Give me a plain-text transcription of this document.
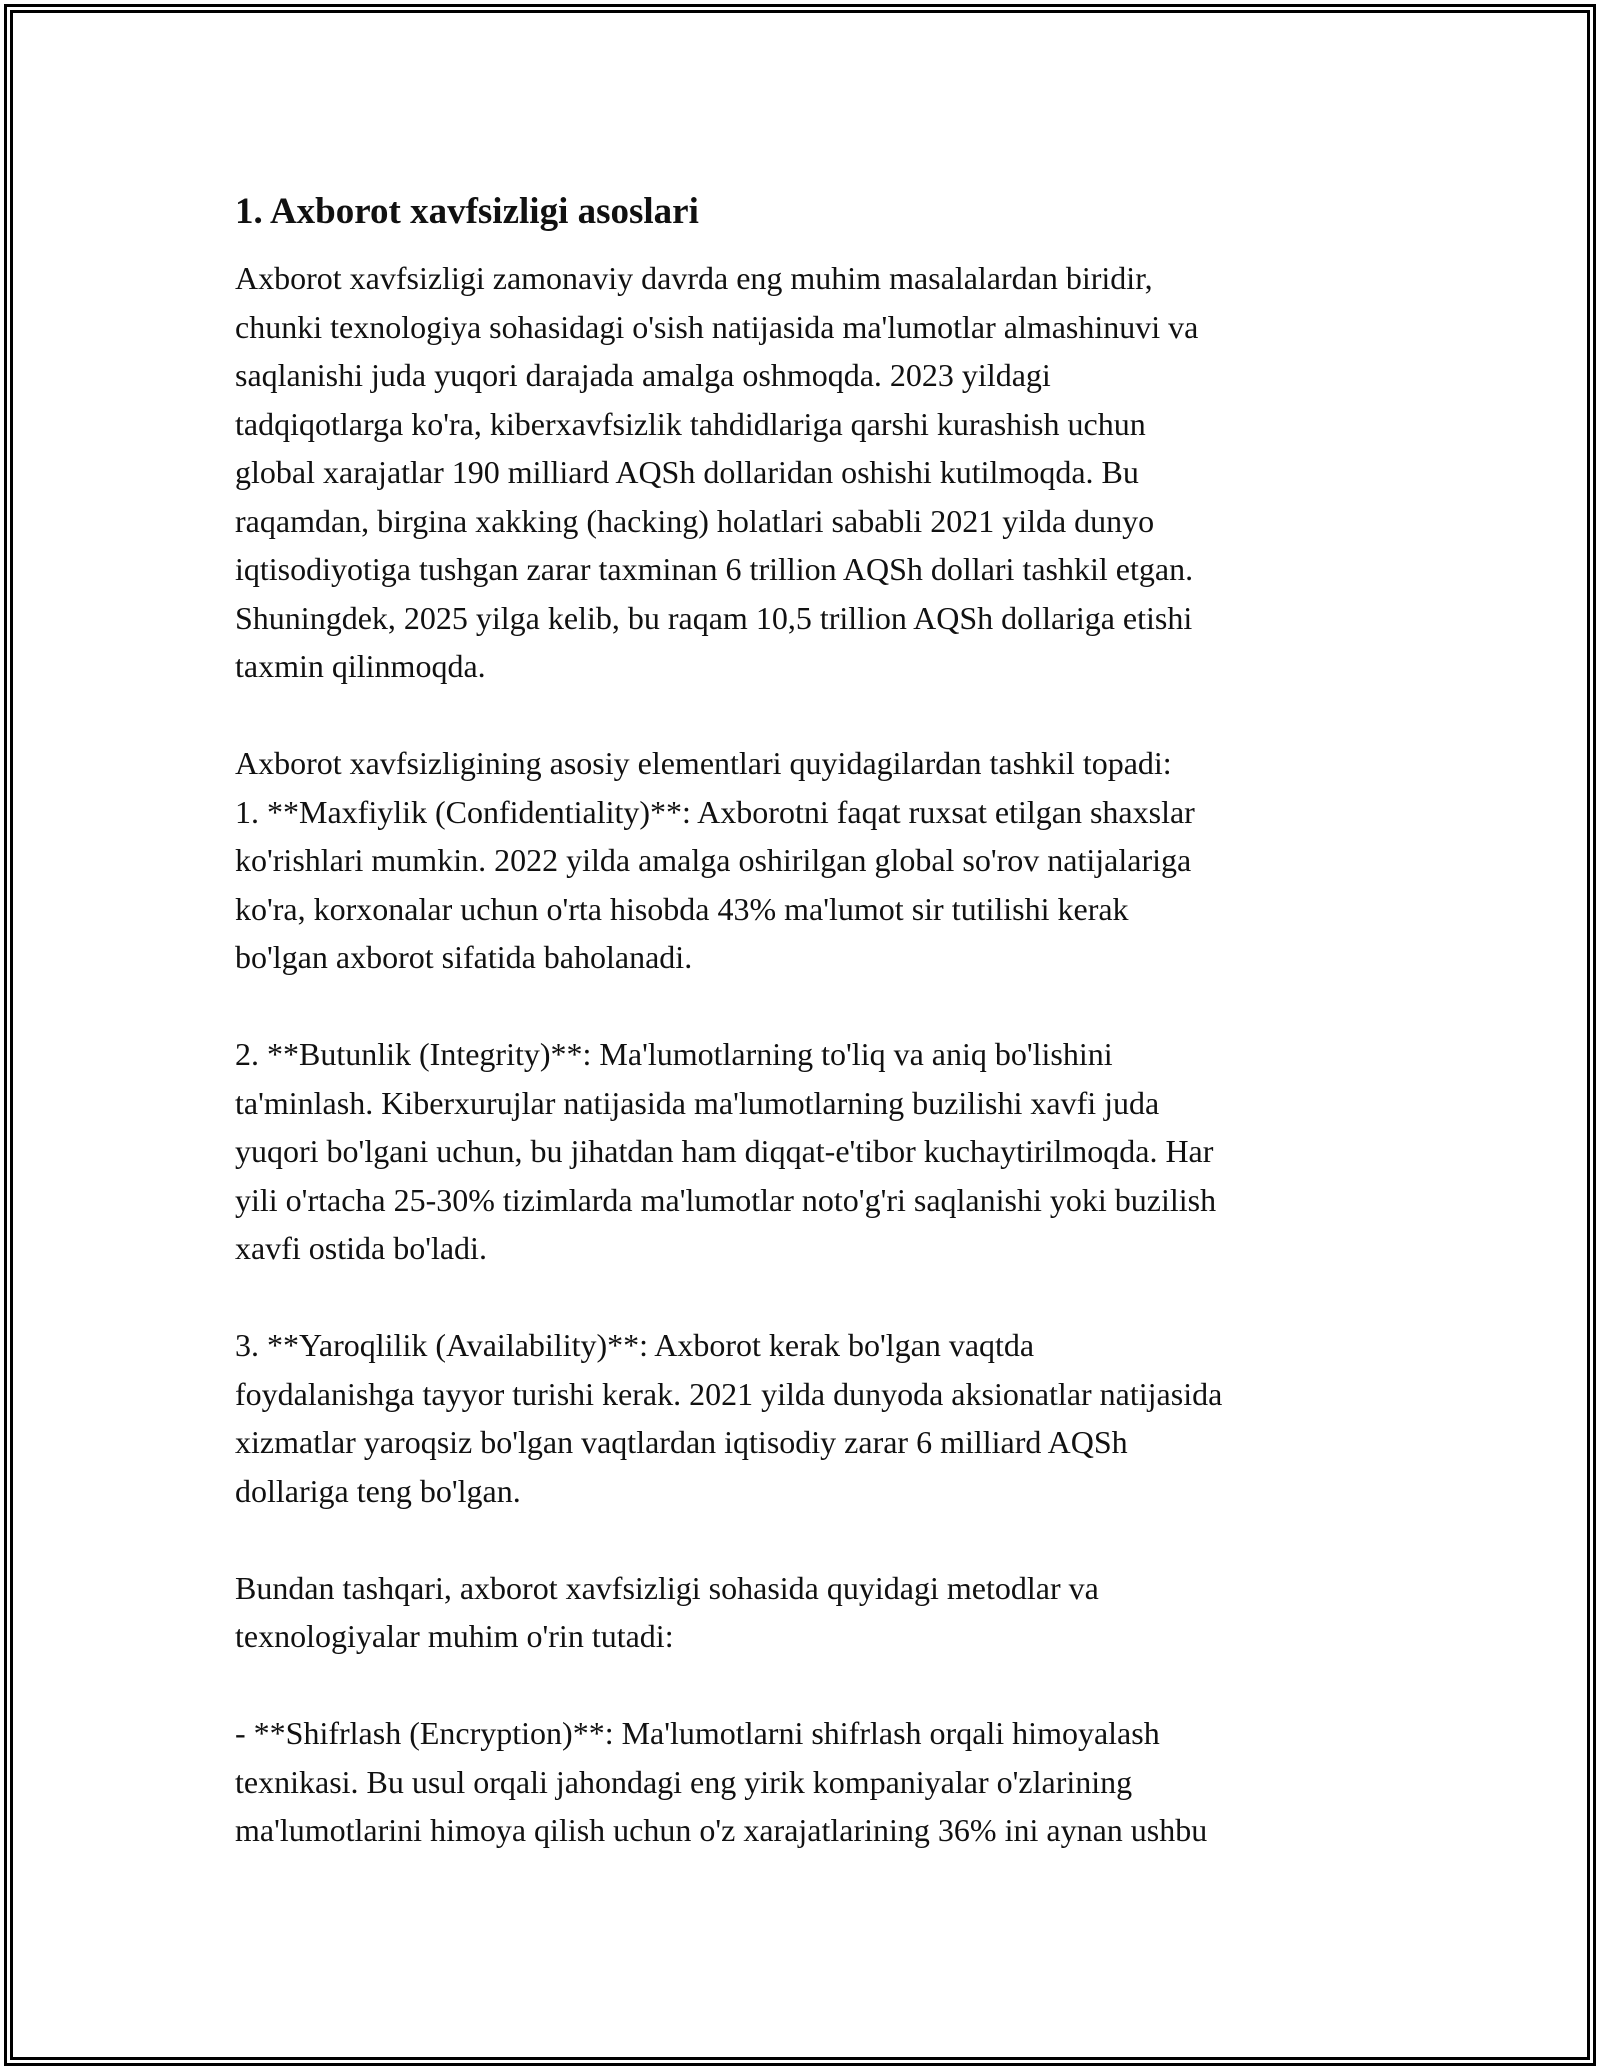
1. Axborot xavfsizligi asoslari

Axborot xavfsizligi zamonaviy davrda eng muhim masalalardan biridir,
chunki texnologiya sohasidagi o'sish natijasida ma'lumotlar almashinuvi va
saqlanishi juda yuqori darajada amalga oshmoqda. 2023 yildagi
tadqiqotlarga ko'ra, kiberxavfsizlik tahdidlariga qarshi kurashish uchun
global xarajatlar 190 milliard AQSh dollaridan oshishi kutilmoqda. Bu
raqamdan, birgina xakking (hacking) holatlari sababli 2021 yilda dunyo
iqtisodiyotiga tushgan zarar taxminan 6 trillion AQSh dollari tashkil etgan.
Shuningdek, 2025 yilga kelib, bu raqam 10,5 trillion AQSh dollariga etishi
taxmin qilinmoqda.

Axborot xavfsizligining asosiy elementlari quyidagilardan tashkil topadi:
1. **Maxfiylik (Confidentiality)**: Axborotni faqat ruxsat etilgan shaxslar
ko'rishlari mumkin. 2022 yilda amalga oshirilgan global so'rov natijalariga
ko'ra, korxonalar uchun o'rta hisobda 43% ma'lumot sir tutilishi kerak
bo'lgan axborot sifatida baholanadi.

2. **Butunlik (Integrity)**: Ma'lumotlarning to'liq va aniq bo'lishini
ta'minlash. Kiberxurujlar natijasida ma'lumotlarning buzilishi xavfi juda
yuqori bo'lgani uchun, bu jihatdan ham diqqat-e'tibor kuchaytirilmoqda. Har
yili o'rtacha 25-30% tizimlarda ma'lumotlar noto'g'ri saqlanishi yoki buzilish
xavfi ostida bo'ladi.

3. **Yaroqlilik (Availability)**: Axborot kerak bo'lgan vaqtda
foydalanishga tayyor turishi kerak. 2021 yilda dunyoda aksionatlar natijasida
xizmatlar yaroqsiz bo'lgan vaqtlardan iqtisodiy zarar 6 milliard AQSh
dollariga teng bo'lgan.

Bundan tashqari, axborot xavfsizligi sohasida quyidagi metodlar va
texnologiyalar muhim o'rin tutadi:

- **Shifrlash (Encryption)**: Ma'lumotlarni shifrlash orqali himoyalash
texnikasi. Bu usul orqali jahondagi eng yirik kompaniyalar o'zlarining
ma'lumotlarini himoya qilish uchun o'z xarajatlarining 36% ini aynan ushbu
